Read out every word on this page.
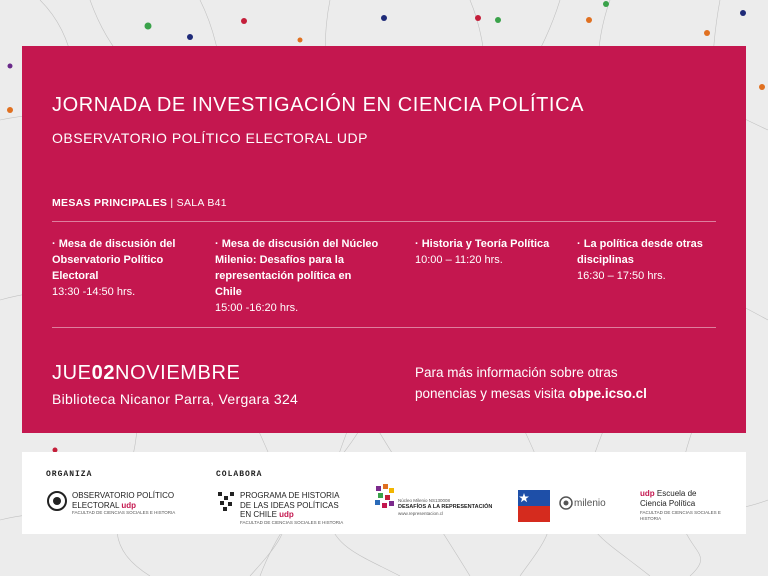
JORNADA DE INVESTIGACIÓN EN CIENCIA POLÍTICA
OBSERVATORIO POLÍTICO ELECTORAL UDP
MESAS PRINCIPALES | SALA B41
· Mesa de discusión del
Observatorio Político
Electoral
13:30 -14:50 hrs.
· Mesa de discusión del Núcleo
Milenio: Desafíos para la
representación política en
Chile
15:00 -16:20 hrs.
· Historia y Teoría Política
10:00 – 11:20 hrs.
· La política desde otras
disciplinas
16:30 – 17:50 hrs.
JUE02NOVIEMBRE
Biblioteca Nicanor Parra, Vergara 324
Para más información sobre otras
ponencias y mesas visita obpe.icso.cl
ORGANIZA	COLABORA
OBSERVATORIO POLÍTICO
ELECTORAL udp
FACULTAD DE CIENCIAS SOCIALES E HISTORIA
PROGRAMA DE HISTORIA
DE LAS IDEAS POLÍTICAS
EN CHILE udp
FACULTAD DE CIENCIAS SOCIALES E HISTORIA
Núcleo Milenio NS130008
DESAFÍOS A LA REPRESENTACIÓN
www.representacion.cl
milenio
udp Escuela de
Ciencia Política
FACULTAD DE CIENCIAS SOCIALES E HISTORIA
